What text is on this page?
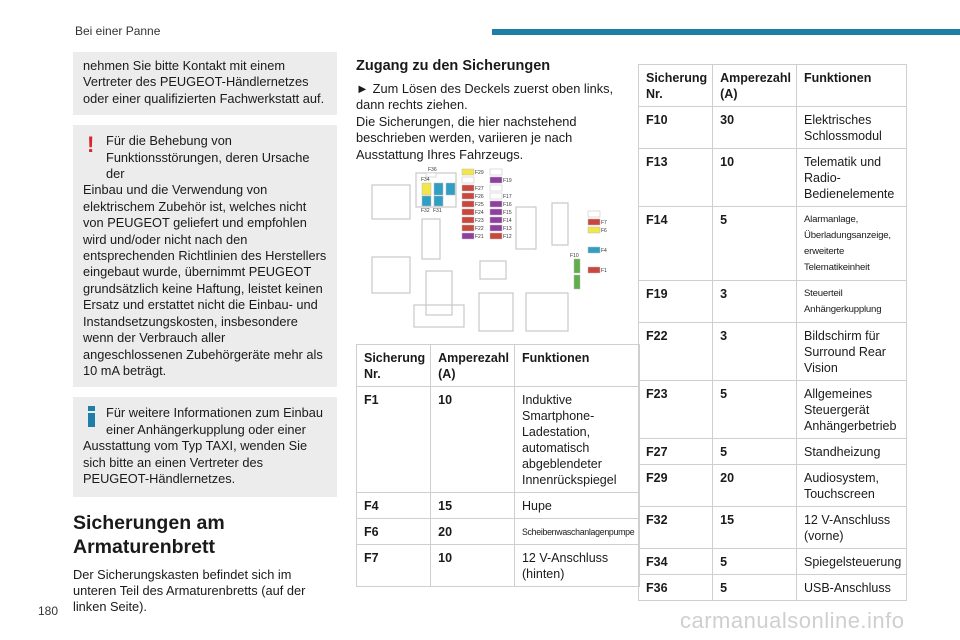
Bei einer Panne
nehmen Sie bitte Kontakt mit einem Vertreter des PEUGEOT-Händlernetzes oder einer qualifizierten Fachwerkstatt auf.
! Für die Behebung von Funktionsstörungen, deren Ursache der
Einbau und die Verwendung von elektrischem Zubehör ist, welches nicht von PEUGEOT geliefert und empfohlen wird und/oder nicht nach den entsprechenden Richtlinien des Herstellers eingebaut wurde, übernimmt PEUGEOT grundsätzlich keine Haftung, leistet keinen Ersatz und erstattet nicht die Einbau- und Instandsetzungskosten, insbesondere wenn der Verbrauch aller angeschlossenen Zubehörgeräte mehr als 10 mA beträgt.
Für weitere Informationen zum Einbau einer Anhängerkupplung oder einer
Ausstattung vom Typ TAXI, wenden Sie sich bitte an einen Vertreter des PEUGEOT-Händlernetzes.
Sicherungen am Armaturenbrett
Der Sicherungskasten befindet sich im unteren Teil des Armaturenbretts (auf der linken Seite).
Zugang zu den Sicherungen
► Zum Lösen des Deckels zuerst oben links, dann rechts ziehen.
Die Sicherungen, die hier nachstehend beschrieben werden, variieren je nach Ausstattung Ihres Fahrzeugs.
F36
F34
F32 F31
F29
F19
F27
F26	F17
F25	F16
F24	F15
F23	F14
F22	F13
F21	F12
F7
F6
F4
F1
F10
Sicherung Nr.	Amperezahl (A)	Funktionen
F1	10	Induktive Smartphone-Ladestation, automatisch abgeblendeter Innenrückspiegel
F4	15	Hupe
F6	20	Scheibenwaschanlagenpumpe
F7	10	12 V-Anschluss (hinten)
Sicherung Nr.	Amperezahl (A)	Funktionen
F10	30	Elektrisches Schlossmodul
F13	10	Telematik und Radio-Bedienelemente
F14	5	Alarmanlage, Überladungsanzeige, erweiterte Telematikeinheit
F19	3	Steuerteil Anhängerkupplung
F22	3	Bildschirm für Surround Rear Vision
F23	5	Allgemeines Steuergerät Anhängerbetrieb
F27	5	Standheizung
F29	20	Audiosystem, Touchscreen
F32	15	12 V-Anschluss (vorne)
F34	5	Spiegelsteuerung
F36	5	USB-Anschluss
180	carmanualsonline.info
